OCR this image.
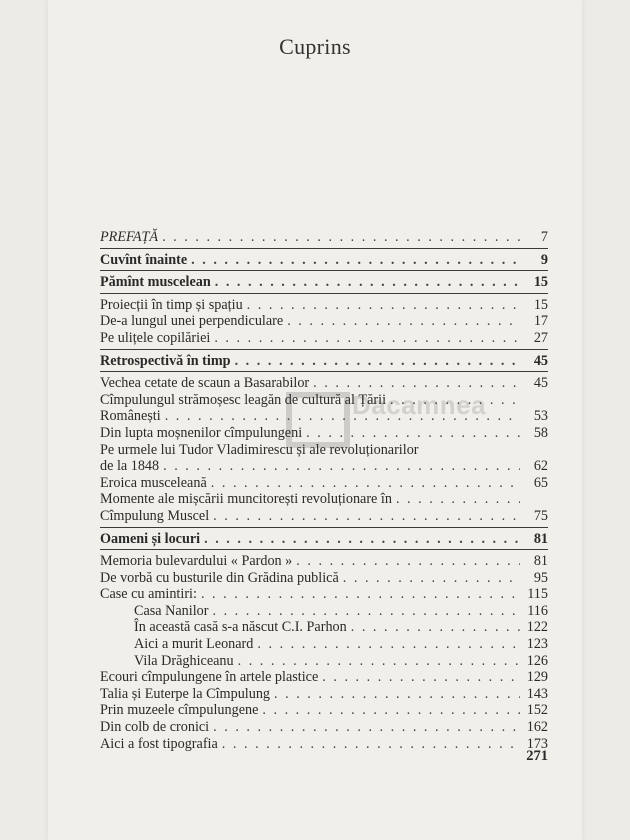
Cuprins
Dacamnea
PREFAȚĂ . . .	7
Cuvînt înainte . . .	9
Pămînt muscelean . . .	15
Proiecții în timp și spațiu . . .	15
De-a lungul unei perpendiculare . . .	17
Pe ulițele copilăriei . . .	27
Retrospectivă în timp . . .	45
Vechea cetate de scaun a Basarabilor . . .	45
Cîmpulungul strămoșesc leagăn de cultură al Țării
. . .
Românești . . .	53
Din lupta moșnenilor cîmpulungeni . . .	58
Pe urmele lui Tudor Vladimirescu și ale revoluționarilor
de la 1848 . . .	62
Eroica musceleană . . .	65
Momente ale mișcării muncitorești revoluționare în
. . .
Cîmpulung Muscel . . .	75
Oameni și locuri . . .	81
Memoria bulevardului « Pardon » . . .	81
De vorbă cu busturile din Grădina publică . . .	95
Case cu amintiri: . . .	115
Casa Nanilor . . .	116
În această casă s-a născut C.I. Parhon . . .	122
Aici a murit Leonard . . .	123
Vila Drăghiceanu . . .	126
Ecouri cîmpulungene în artele plastice . . .	129
Talia și Euterpe la Cîmpulung . . .	143
Prin muzeele cîmpulungene . . .	152
Din colb de cronici . . .	162
Aici a fost tipografia . . .	173
271
